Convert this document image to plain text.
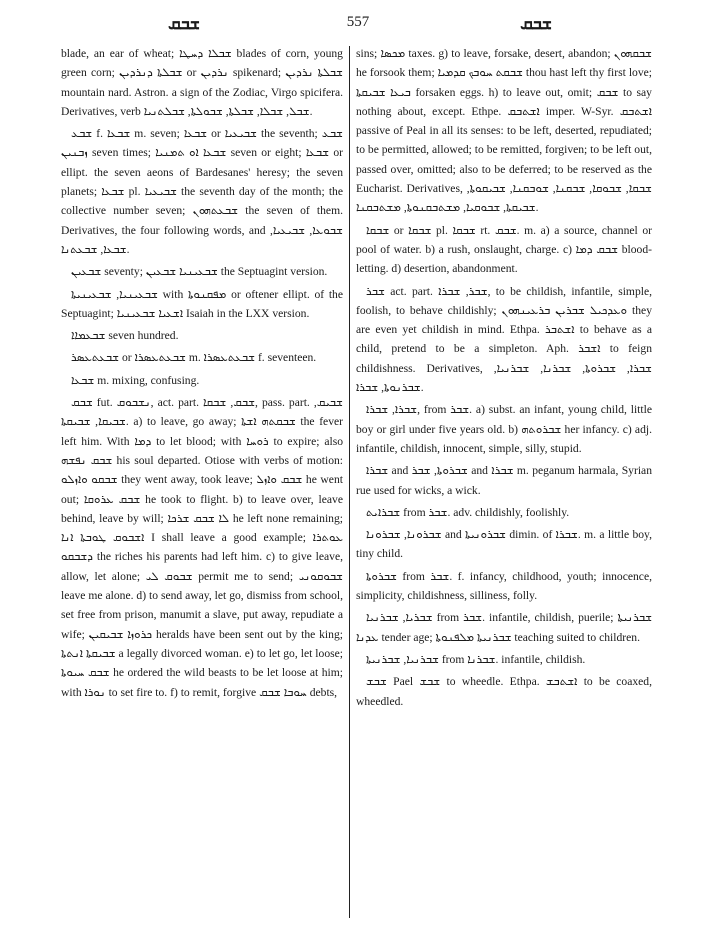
ܫܒܩ	557	ܫܒܩ

blade, an ear of wheat; ܫܒܠܐ ܕܚܛܐ blades of corn, young green corn; ܫܒܠܬܐ ܕܢܪܕܝܢ or ܢܪܕܝܢ spikenard; ܫܒܠܬܐ ܢܪܕܝܢ mountain nard. Astron. a sign of the Zodiac, Virgo spicifera. Derivatives, verb ܫܒܠ, ܫܒܠܐ, ܫܒܠܬܐ, ܫܒܘܠܬܐ, ܫܒܠܬܢܝܐ.

ܫܒܥ f. ܫܒܥܐ m. seven; ܫܒܥܐ or ܫܒܝܥܝܐ the seventh; ܫܒܥ ܙܒܢܝܢ seven times; ܫܒܥܐ ܐܘ ܬܡܢܝܐ seven or eight; ܫܒܥܐ or ellipt. the seven aeons of Bardesanes' heresy; the seven planets; ܫܒܥܐ pl. ܫܒܝܥܝܐ the seventh day of the month; the collective number seven; ܫܒܥܬܗܘܢ the seven of them. Derivatives, the four following words, and ܫܒܘܥܐ, ܫܒܝܥܝܐ, ܫܒܥܐ, ܫܒܥܬܢܐ.

ܫܒܥܝܢ seventy; ܫܒܥܝܢܝܐ ܫܒܥܝܢ the Septuagint version.

ܫܒܥܝܢܝܐ, ܫܒܥܝܢܝܬܐ with ܡܦܩܢܘܬܐ or oftener ellipt. of the Septuagint; ܐܫܥܝܐ ܫܒܥܝܢܝܐ Isaiah in the LXX version.

ܫܒܥܡܐܐ seven hundred.

ܫܒܥܬܥܣܪ or ܫܒܥܬܥܣܪܐ m. ܫܒܥܬܥܣܪܐ f. seventeen.

ܫܒܥܐ m. mixing, confusing.

ܫܒܩ fut. ܢܫܒܘܩ, act. part. ܫܒܩ, ܫܒܩܐ, pass. part. ܫܒܝܩ, ܫܒܝܩܐ, ܫܒܝܩܬܐ. a) to leave, go away; ܫܒܩܬܗ ܐܫܬܐ the fever left him. With ܕܡܐ to let blood; with ܪܘܚܐ to expire; also ܫܒܩ ܢܦܫܗ his soul departed. Otiose with verbs of motion: ܫܒܩܘ ܘܐܙܠܘ they went away, took leave; ܫܒܩ ܘܐܙܠ he went out; ܫܒܩ ܥܪܘܩܐ he took to flight. b) to leave over, leave behind, leave by will; ܠܐ ܫܒܩ ܫܪܟܐ he left none remaining; ܐܫܒܘܩ ܛܘܒܬܐ ܐܢܐ I shall leave a good example; ܥܘܬܪܐ ܕܫܒܩܘ the riches his parents had left him. c) to give leave, allow, let alone; ܫܒܘܩ ܠܝ permit me to send; ܫܒܘܩܘܢܝ leave me alone. d) to send away, let go, dismiss from school, set free from prison, manumit a slave, put away, repudiate a wife; ܟܪܘܙܐ ܫܒܝܩܝܢ heralds have been sent out by the king; ܫܒܝܩܬܐ ܐܢܬܬܐ a legally divorced woman. e) to let go, let loose; ܫܒܩ ܚܝܘܬܐ he ordered the wild beasts to be let loose at him; with ܢܘܪܐ to set fire to. f) to remit, forgive ܚܘܒܐ ܫܒܩ debts,

sins; ܡܟܣܐ taxes. g) to leave, forsake, desert, abandon; ܫܒܩܗܘܢ he forsook them; ܫܒܩܬ ܚܘܒܟ ܩܕܡܝܐ thou hast left thy first love; ܒܝܥܐ ܫܒܝܩܬܐ forsaken eggs. h) to leave out, omit; ܫܒܩ to say nothing about, except. Ethpe. ܐܫܬܒܩ imper. W-Syr. ܐܫܬܒܩ passive of Peal in all its senses: to be left, deserted, repudiated; to be permitted, allowed; to be remitted, forgiven; to be left out, passed over, omitted; also to be deferred; to be reserved as the Eucharist. Derivatives, ܫܒܩܐ, ܫܒܘܩܐ, ܫܒܩܢܐ, ܫܘܒܩܢܐ, ܫܒܝܩܘܬܐ, ܫܒܝܩܬܐ, ܫܒܘܩܝܐ, ܡܫܬܒܩܢܘܬܐ, ܡܫܬܒܩܢܐ.

ܫܒܩܐ or ܫܒܩܐ pl. ܫܒܩܐ rt. ܫܒܩ. m. a) a source, channel or pool of water. b) a rush, onslaught, charge. c) ܫܒܩ ܕܡܐ blood-letting. d) desertion, abandonment.

ܫܒܪ act. part. ܫܒܪ, ܫܒܪܐ, to be childish, infantile, simple, foolish, to behave childishly; ܘܥܕܟܝܠ ܫܒܪܝܢ ܒܪܥܝܢܗܘܢ they are even yet childish in mind. Ethpa. ܐܫܬܒܪ to behave as a child, pretend to be a simpleton. Aph. ܐܫܒܪ to feign childishness. Derivatives, ܫܒܪܐ, ܫܒܪܘܬܐ, ܫܒܪܢܐ, ܫܒܪܢܝܐ, ܫܒܪܢܘܬܐ, ܫܒܪܐ.

ܫܒܪܐ, ܫܒܪܐ, from ܫܒܪ. a) subst. an infant, young child, little boy or girl under five years old. b) ܫܒܪܘܬܗ her infancy. c) adj. infantile, childish, innocent, simple, silly, stupid.

ܫܒܪܐ and ܫܒܪܘܬܐ, ܫܒܪ and ܫܒܪܐ m. peganum harmala, Syrian rue used for wicks, a wick.

ܫܒܪܐܝܬ from ܫܒܪ. adv. childishly, foolishly.

ܫܒܪܘܢܐ, ܫܒܪܘܢܐ and ܫܒܪܘܢܝܬܐ dimin. of ܫܒܪܐ. m. a little boy, tiny child.

ܫܒܪܘܬܐ from ܫܒܪ. f. infancy, childhood, youth; innocence, simplicity, childishness, silliness, folly.

ܫܒܪܝܐ, ܫܒܪܢܝܐ from ܫܒܪ. infantile, childish, puerile; ܫܒܪܢܝܬܐ ܥܕܢܐ tender age; ܫܒܪܢܝܬܐ ܡܠܦܢܘܬܐ teaching suited to children.

ܫܒܪܢܝܐ, ܫܒܪܢܝܬܐ from ܫܒܪܢܐ. infantile, childish.

ܫܒܫ Pael ܫܒܫ to wheedle. Ethpa. ܐܫܬܒܫ to be coaxed, wheedled.
